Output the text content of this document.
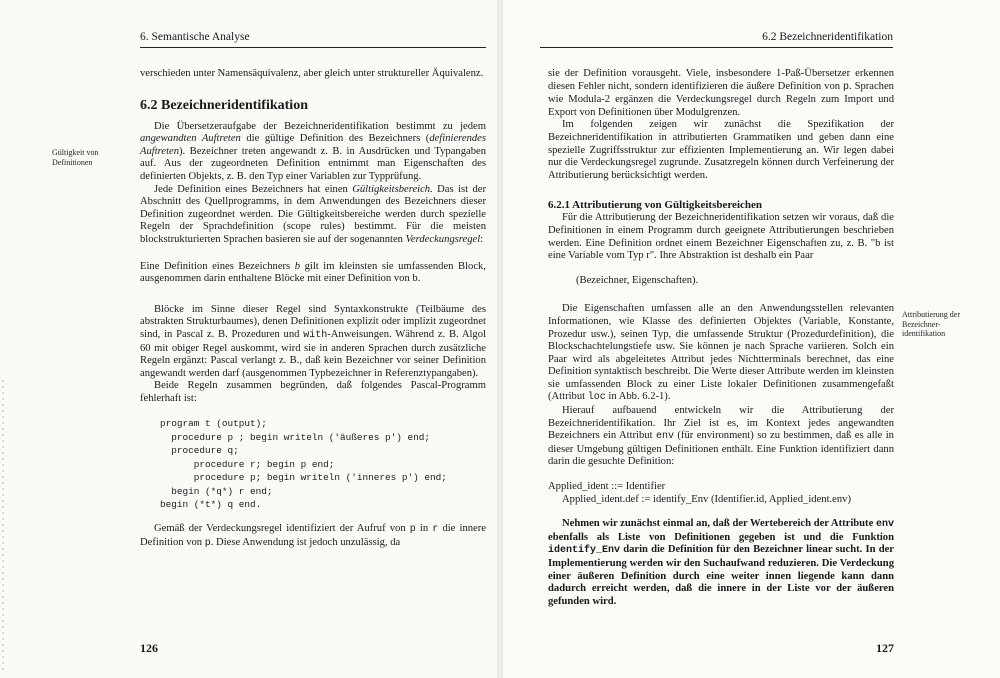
6. Semantische Analyse
Gültigkeit von Definitionen

verschieden unter Namensäquivalenz, aber gleich unter struktureller Äquivalenz.

6.2 Bezeichneridentifikation

Die Übersetzeraufgabe der Bezeichneridentifikation bestimmt zu jedem angewandten Auftreten die gültige Definition des Bezeichners (definierendes Auftreten). Bezeichner treten angewandt z. B. in Ausdrücken und Typangaben auf. Aus der zugeordneten Definition entnimmt man Eigenschaften des definierten Objekts, z. B. den Typ einer Variablen zur Typprüfung.

Jede Definition eines Bezeichners hat einen Gültigkeitsbereich. Das ist der Abschnitt des Quellprogramms, in dem Anwendungen des Bezeichners dieser Definition zugeordnet werden. Die Gültigkeitsbereiche werden durch spezielle Regeln der Sprachdefinition (scope rules) bestimmt. Für die meisten blockstrukturierten Sprachen basieren sie auf der sogenannten Verdeckungsregel:

Eine Definition eines Bezeichners b gilt im kleinsten sie umfassenden Block, ausgenommen darin enthaltene Blöcke mit einer Definition von b.

Blöcke im Sinne dieser Regel sind Syntaxkonstrukte (Teilbäume des abstrakten Strukturbaumes), denen Definitionen explizit oder implizit zugeordnet sind, in Pascal z. B. Prozeduren und with-Anweisungen. Während z. B. Algol 60 mit obiger Regel auskommt, wird sie in anderen Sprachen durch zusätzliche Regeln ergänzt: Pascal verlangt z. B., daß kein Bezeichner vor seiner Definition angewandt werden darf (ausgenommen Typbezeichner in Referenztypangaben).

Beide Regeln zusammen begründen, daß folgendes Pascal-Programm fehlerhaft ist:

program t (output);
procedure p ; begin writeln ('äußeres p') end;
procedure q;
procedure r; begin p end;
procedure p; begin writeln ('inneres p') end;
begin (*q*) r end;
begin (*t*) q end.

Gemäß der Verdeckungsregel identifiziert der Aufruf von p in r die innere Definition von p. Diese Anwendung ist jedoch unzulässig, da

126
6.2 Bezeichneridentifikation
Attributierung der Bezeichner-identifikation

sie der Definition vorausgeht. Viele, insbesondere 1-Paß-Übersetzer erkennen diesen Fehler nicht, sondern identifizieren die äußere Definition von p. Sprachen wie Modula-2 ergänzen die Verdeckungsregel durch Regeln zum Import und Export von Definitionen über Modulgrenzen.

Im folgenden zeigen wir zunächst die Spezifikation der Bezeichneridentifikation in attributierten Grammatiken und geben dann eine spezielle Zugriffsstruktur zur effizienten Implementierung an. Wir legen dabei nur die Verdeckungsregel zugrunde. Zusatzregeln können durch Verfeinerung der Attributierung berücksichtigt werden.

6.2.1 Attributierung von Gültigkeitsbereichen

Für die Attributierung der Bezeichneridentifikation setzen wir voraus, daß die Definitionen in einem Programm durch geeignete Attributierungen beschrieben werden. Eine Definition ordnet einem Bezeichner Eigenschaften zu, z. B. "b ist eine Variable vom Typ r". Ihre Abstraktion ist deshalb ein Paar

(Bezeichner, Eigenschaften).

Die Eigenschaften umfassen alle an den Anwendungsstellen relevanten Informationen, wie Klasse des definierten Objektes (Variable, Konstante, Prozedur usw.), seinen Typ, die umfassende Struktur (Prozedurdefinition), die Blockschachtelungstiefe usw. Sie können je nach Sprache variieren. Solch ein Paar wird als abgeleitetes Attribut jedes Nichtterminals berechnet, das eine Definition syntaktisch beschreibt. Die Werte dieser Attribute werden im kleinsten sie umfassenden Block zu einer Liste lokaler Definitionen zusammengefaßt (Attribut loc in Abb. 6.2-1).

Hierauf aufbauend entwickeln wir die Attributierung der Bezeichneridentifikation. Ihr Ziel ist es, im Kontext jedes angewandten Bezeichners ein Attribut env (für environment) so zu bestimmen, daß es alle in dieser Umgebung gültigen Definitionen enthält. Eine Funktion identifiziert dann darin die gesuchte Definition:

Applied_ident ::= Identifier

Applied_ident.def := identify_Env (Identifier.id, Applied_ident.env)

Nehmen wir zunächst einmal an, daß der Wertebereich der Attribute env ebenfalls als Liste von Definitionen gegeben ist und die Funktion identify_Env darin die Definition für den Bezeichner linear sucht. In der Implementierung werden wir den Suchaufwand reduzieren. Die Verdeckung einer äußeren Definition durch eine weiter innen liegende kann dann dadurch erreicht werden, daß die innere in der Liste vor der äußeren gefunden wird.

127
